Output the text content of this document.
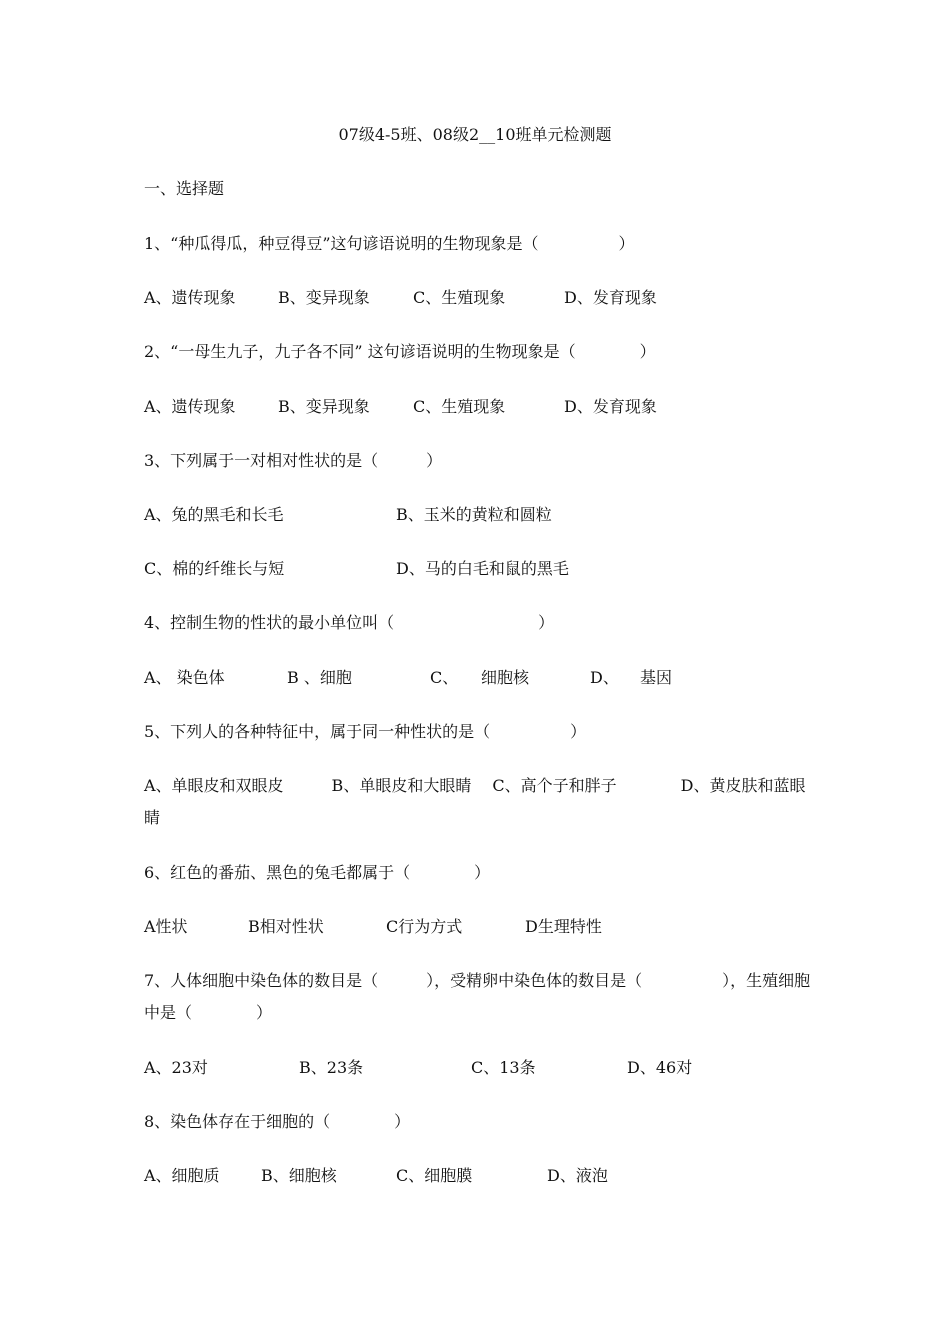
07级4-5班、08级2__10班单元检测题
一、选择题
1、“种瓜得瓜，种豆得豆”这句谚语说明的生物现象是（　　　　　）
A、遗传现象	B、变异现象	C、生殖现象	D、发育现象
2、“一母生九子，九子各不同” 这句谚语说明的生物现象是（　　　　）
A、遗传现象	B、变异现象	C、生殖现象	D、发育现象
3、下列属于一对相对性状的是（　　　）
A、兔的黑毛和长毛	B、玉米的黄粒和圆粒
C、棉的纤维长与短	D、马的白毛和鼠的黑毛
4、控制生物的性状的最小单位叫（　　　　　　　　　）
A、 染色体	B 、细胞	C、 细胞核	D、 基因
5、下列人的各种特征中，属于同一种性状的是（　　　　　）
A、单眼皮和双眼皮　　　B、单眼皮和大眼睛　 C、高个子和胖子　　　　D、黄皮肤和蓝眼睛
6、红色的番茄、黑色的兔毛都属于（　　　　）
A性状	B相对性状	C行为方式	D生理特性
7、人体细胞中染色体的数目是（　　　），受精卵中染色体的数目是（　　　　　），生殖细胞中是（　　　　）
A、23对	B、23条	C、13条	D、46对
8、染色体存在于细胞的（　　　　）
A、细胞质	B、细胞核	C、细胞膜	D、液泡
